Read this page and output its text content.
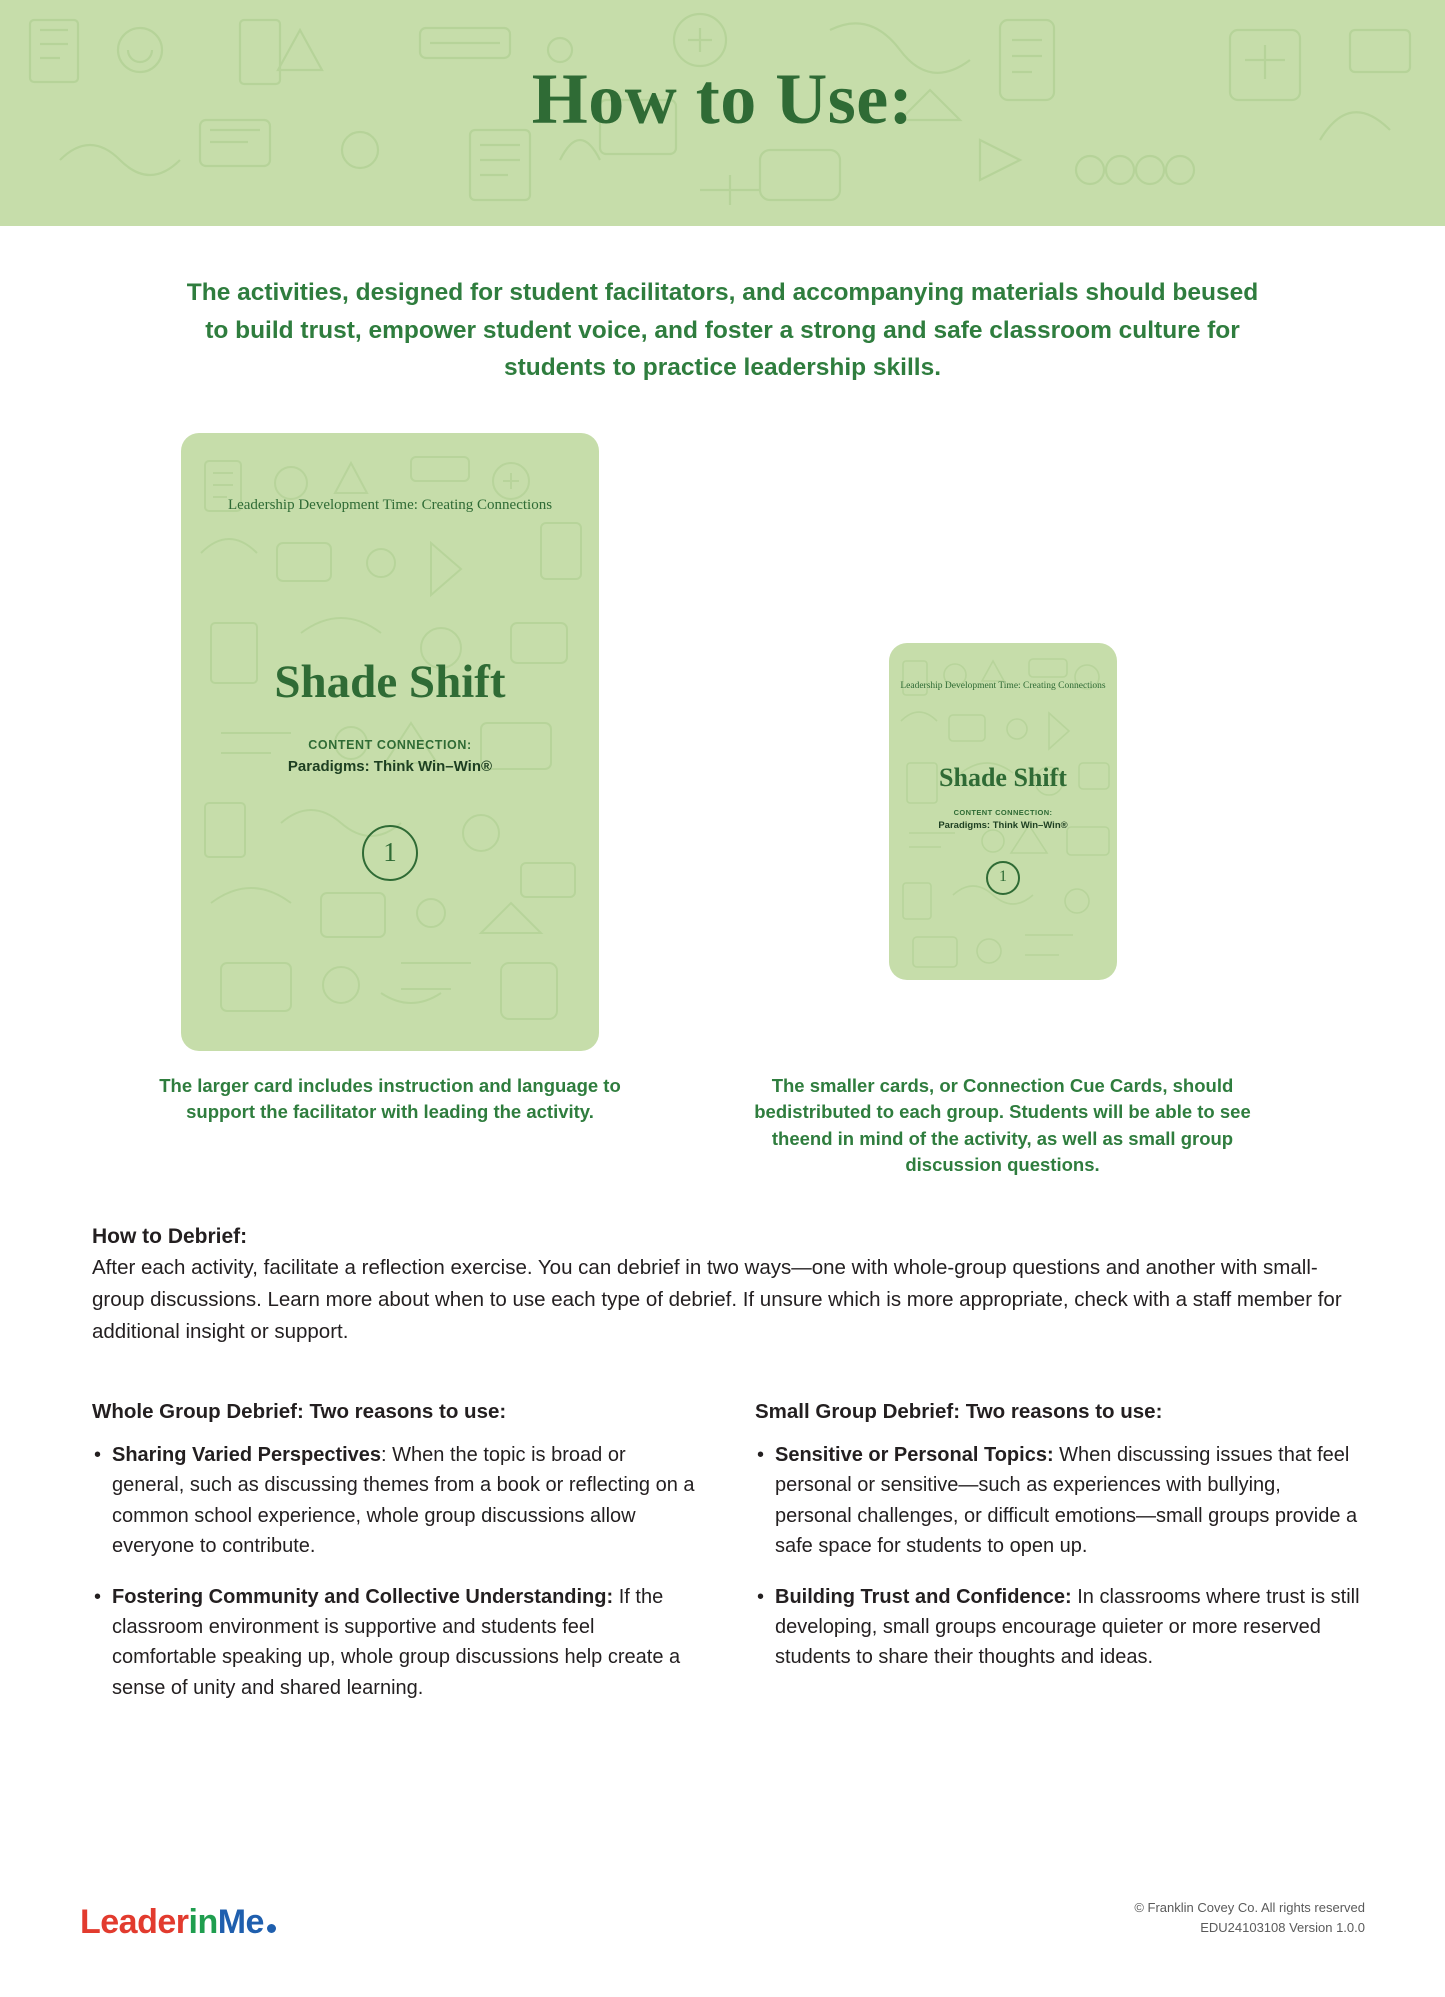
How to Use:
The activities, designed for student facilitators, and accompanying materials should beused to build trust, empower student voice, and foster a strong and safe classroom culture for students to practice leadership skills.
Leadership Development Time: Creating Connections
Shade Shift
CONTENT CONNECTION:
Paradigms: Think Win–Win®
1
Leadership Development Time: Creating Connections
Shade Shift
CONTENT CONNECTION:
Paradigms: Think Win–Win®
1
The larger card includes instruction and language to support the facilitator with leading the activity.
The smaller cards, or Connection Cue Cards, should bedistributed to each group. Students will be able to see theend in mind of the activity, as well as small group discussion questions.
How to Debrief:

After each activity, facilitate a reflection exercise. You can debrief in two ways—one with whole-group questions and another with small-group discussions. Learn more about when to use each type of debrief. If unsure which is more appropriate, check with a staff member for additional insight or support.

Whole Group Debrief: Two reasons to use:
• Sharing Varied Perspectives: When the topic is broad or general, such as discussing themes from a book or reflecting on a common school experience, whole group discussions allow everyone to contribute.
• Fostering Community and Collective Understanding: If the classroom environment is supportive and students feel comfortable speaking up, whole group discussions help create a sense of unity and shared learning.
Small Group Debrief: Two reasons to use:
• Sensitive or Personal Topics: When discussing issues that feel personal or sensitive—such as experiences with bullying, personal challenges, or difficult emotions—small groups provide a safe space for students to open up.
• Building Trust and Confidence: In classrooms where trust is still developing, small groups encourage quieter or more reserved students to share their thoughts and ideas.
LeaderinMe	© Franklin Covey Co. All rights reserved
EDU24103108 Version 1.0.0
